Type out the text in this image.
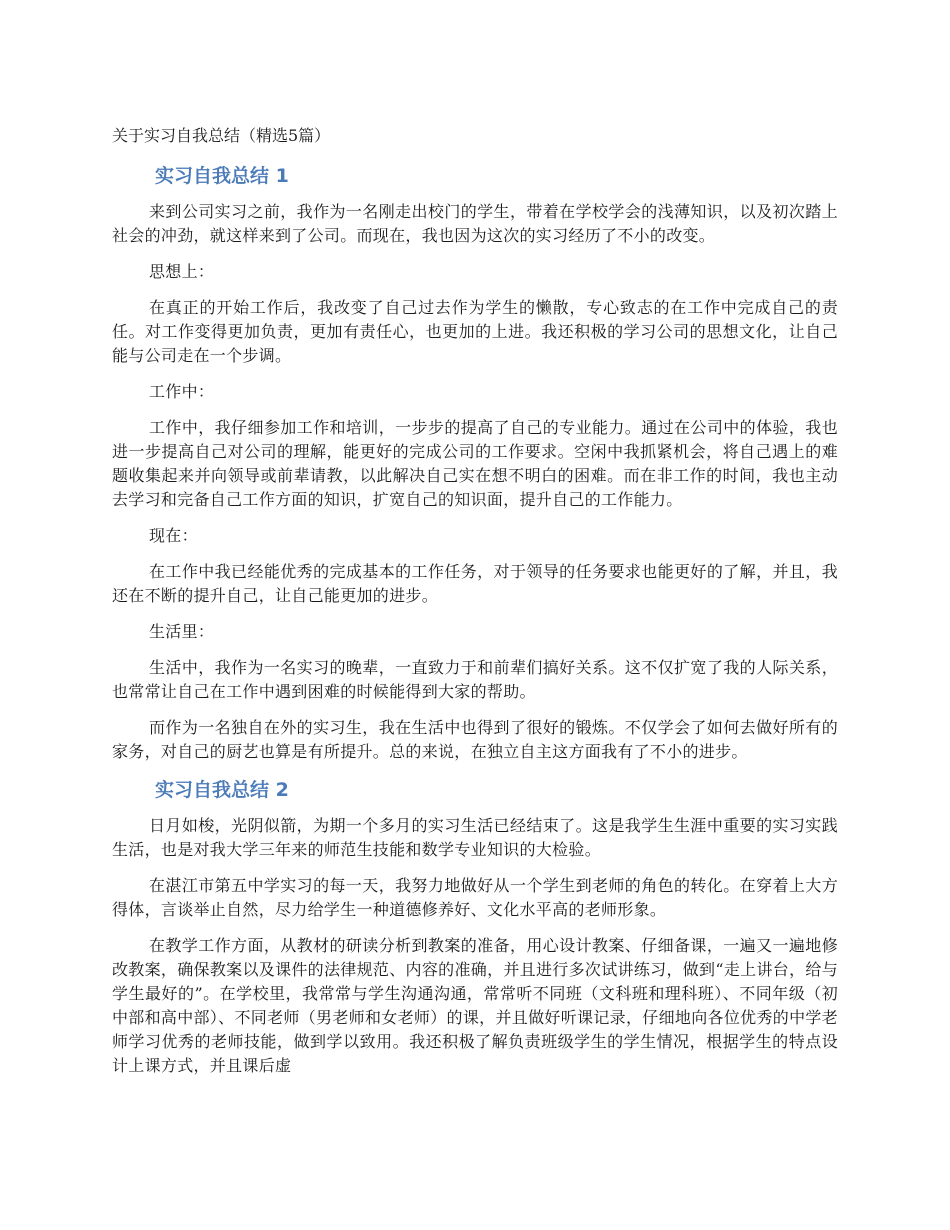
关于实习自我总结（精选5篇）
实习自我总结 1

来到公司实习之前，我作为一名刚走出校门的学生，带着在学校学会的浅薄知识，以及初次踏上社会的冲劲，就这样来到了公司。而现在，我也因为这次的实习经历了不小的改变。

思想上：

在真正的开始工作后，我改变了自己过去作为学生的懒散，专心致志的在工作中完成自己的责任。对工作变得更加负责，更加有责任心，也更加的上进。我还积极的学习公司的思想文化，让自己能与公司走在一个步调。

工作中：

工作中，我仔细参加工作和培训，一步步的提高了自己的专业能力。通过在公司中的体验，我也进一步提高自己对公司的理解，能更好的完成公司的工作要求。空闲中我抓紧机会，将自己遇上的难题收集起来并向领导或前辈请教，以此解决自己实在想不明白的困难。而在非工作的时间，我也主动去学习和完备自己工作方面的知识，扩宽自己的知识面，提升自己的工作能力。

现在：

在工作中我已经能优秀的完成基本的工作任务，对于领导的任务要求也能更好的了解，并且，我还在不断的提升自己，让自己能更加的进步。

生活里：

生活中，我作为一名实习的晚辈，一直致力于和前辈们搞好关系。这不仅扩宽了我的人际关系，也常常让自己在工作中遇到困难的时候能得到大家的帮助。

而作为一名独自在外的实习生，我在生活中也得到了很好的锻炼。不仅学会了如何去做好所有的家务，对自己的厨艺也算是有所提升。总的来说，在独立自主这方面我有了不小的进步。

实习自我总结 2

日月如梭，光阴似箭，为期一个多月的实习生活已经结束了。这是我学生生涯中重要的实习实践生活，也是对我大学三年来的师范生技能和数学专业知识的大检验。

在湛江市第五中学实习的每一天，我努力地做好从一个学生到老师的角色的转化。在穿着上大方得体，言谈举止自然，尽力给学生一种道德修养好、文化水平高的老师形象。

在教学工作方面，从教材的研读分析到教案的准备，用心设计教案、仔细备课，一遍又一遍地修改教案，确保教案以及课件的法律规范、内容的准确，并且进行多次试讲练习，做到“走上讲台，给与学生最好的”。在学校里，我常常与学生沟通沟通，常常听不同班（文科班和理科班）、不同年级（初中部和高中部）、不同老师（男老师和女老师）的课，并且做好听课记录，仔细地向各位优秀的中学老师学习优秀的老师技能，做到学以致用。我还积极了解负责班级学生的学生情况，根据学生的特点设计上课方式，并且课后虚
